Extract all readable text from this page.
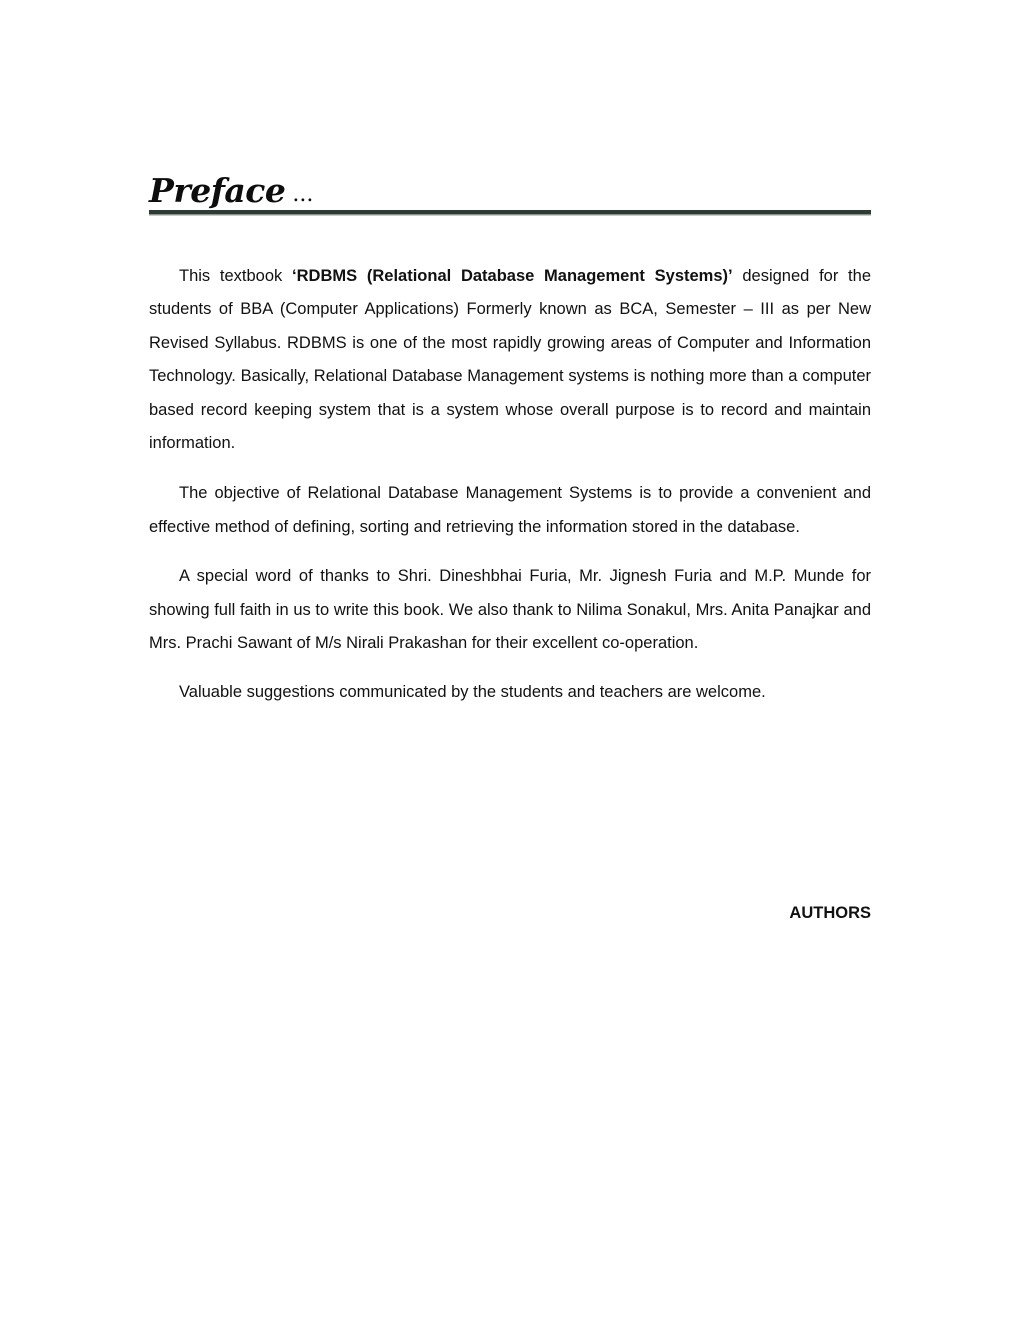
Preface ...

This textbook ‘RDBMS (Relational Database Management Systems)’ designed for the students of BBA (Computer Applications) Formerly known as BCA, Semester – III as per New Revised Syllabus. RDBMS is one of the most rapidly growing areas of Computer and Information Technology. Basically, Relational Database Management systems is nothing more than a computer based record keeping system that is a system whose overall purpose is to record and maintain information.

The objective of Relational Database Management Systems is to provide a convenient and effective method of defining, sorting and retrieving the information stored in the database.

A special word of thanks to Shri. Dineshbhai Furia, Mr. Jignesh Furia and M.P. Munde for showing full faith in us to write this book. We also thank to Nilima Sonakul, Mrs. Anita Panajkar and Mrs. Prachi Sawant of M/s Nirali Prakashan for their excellent co-operation.

Valuable suggestions communicated by the students and teachers are welcome.

AUTHORS
